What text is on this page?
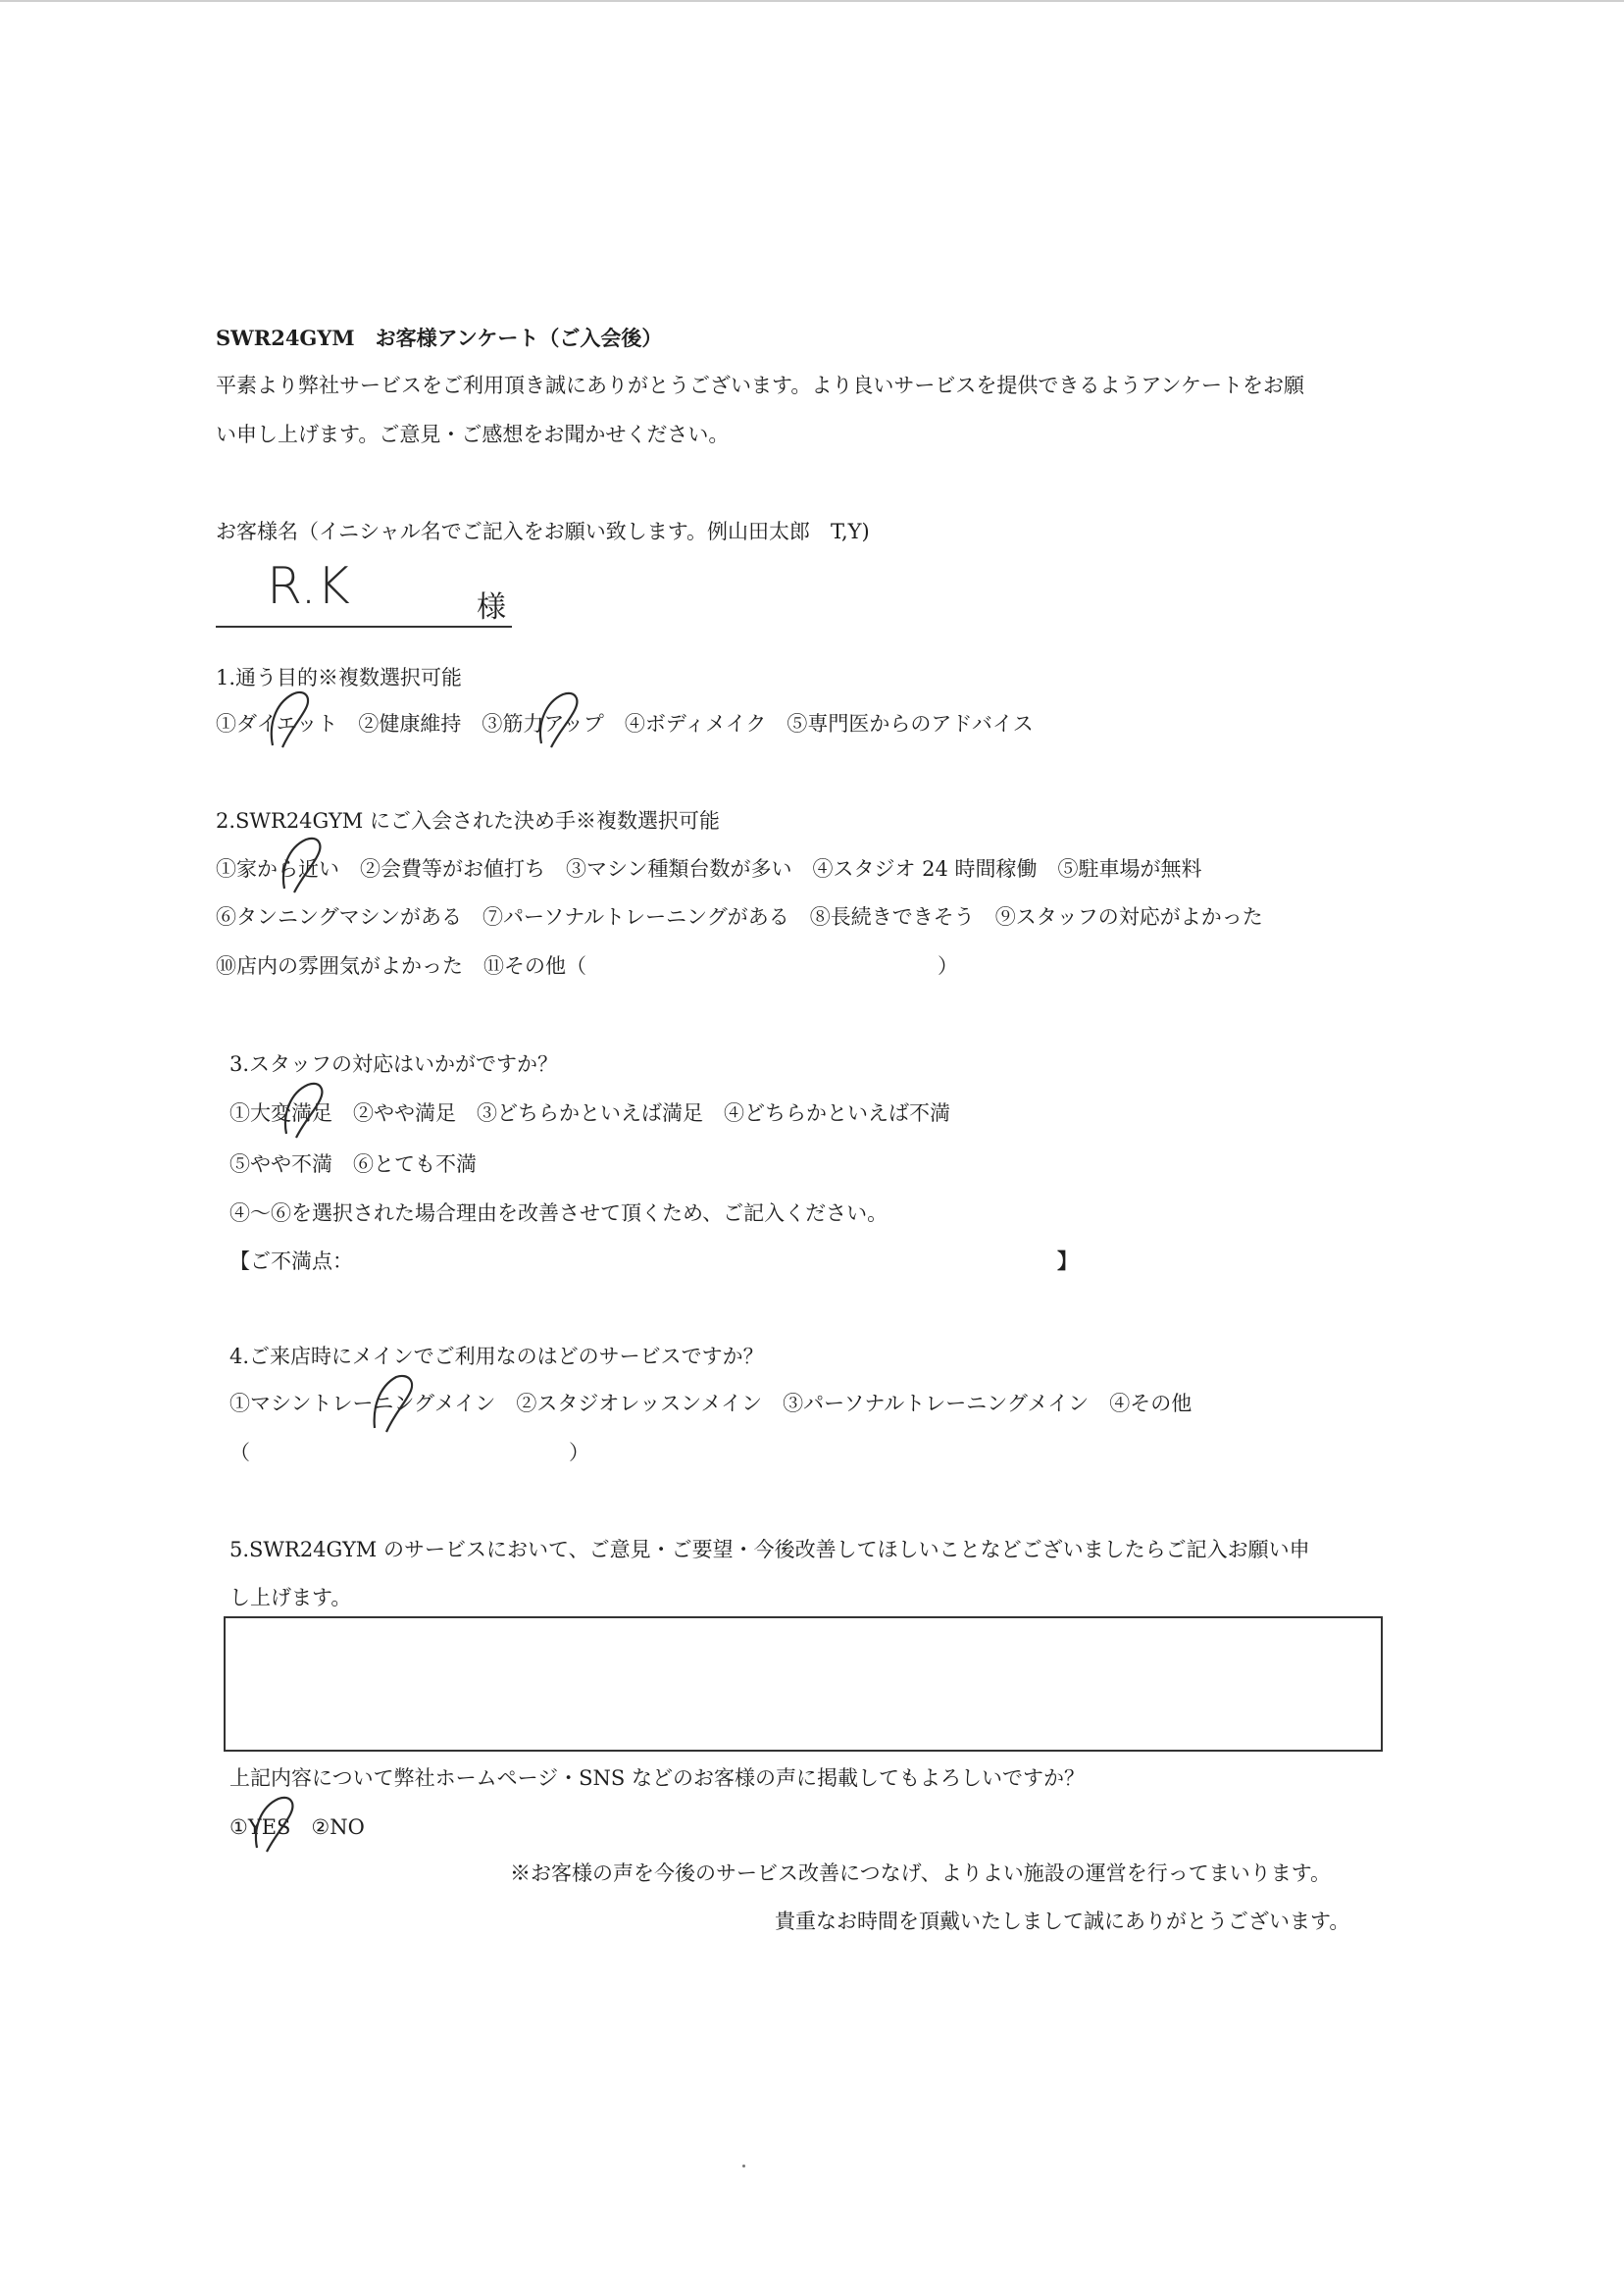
SWR24GYM　お客様アンケート（ご入会後）
平素より弊社サービスをご利用頂き誠にありがとうございます。より良いサービスを提供できるようアンケートをお願
い申し上げます。ご意見・ご感想をお聞かせください。
お客様名（イニシャル名でご記入をお願い致します。例山田太郎　T,Y)
R.K	様
1.通う目的※複数選択可能
①ダイエット　②健康維持　③筋力アップ　④ボディメイク　⑤専門医からのアドバイス
2.SWR24GYM にご入会された決め手※複数選択可能
①家から近い　②会費等がお値打ち　③マシン種類台数が多い　④スタジオ 24 時間稼働　⑤駐車場が無料
⑥タンニングマシンがある　⑦パーソナルトレーニングがある　⑧長続きできそう　⑨スタッフの対応がよかった
⑩店内の雰囲気がよかった　⑪その他（	）
3.スタッフの対応はいかがですか？
①大変満足　②やや満足　③どちらかといえば満足　④どちらかといえば不満
⑤やや不満　⑥とても不満
④～⑥を選択された場合理由を改善させて頂くため、ご記入ください。
【ご不満点：	】
4.ご来店時にメインでご利用なのはどのサービスですか？
①マシントレーニングメイン　②スタジオレッスンメイン　③パーソナルトレーニングメイン　④その他
（	）
5.SWR24GYM のサービスにおいて、ご意見・ご要望・今後改善してほしいことなどございましたらご記入お願い申
し上げます。
上記内容について弊社ホームページ・SNS などのお客様の声に掲載してもよろしいですか？
①YES　②NO
※お客様の声を今後のサービス改善につなげ、よりよい施設の運営を行ってまいります。
貴重なお時間を頂戴いたしまして誠にありがとうございます。
